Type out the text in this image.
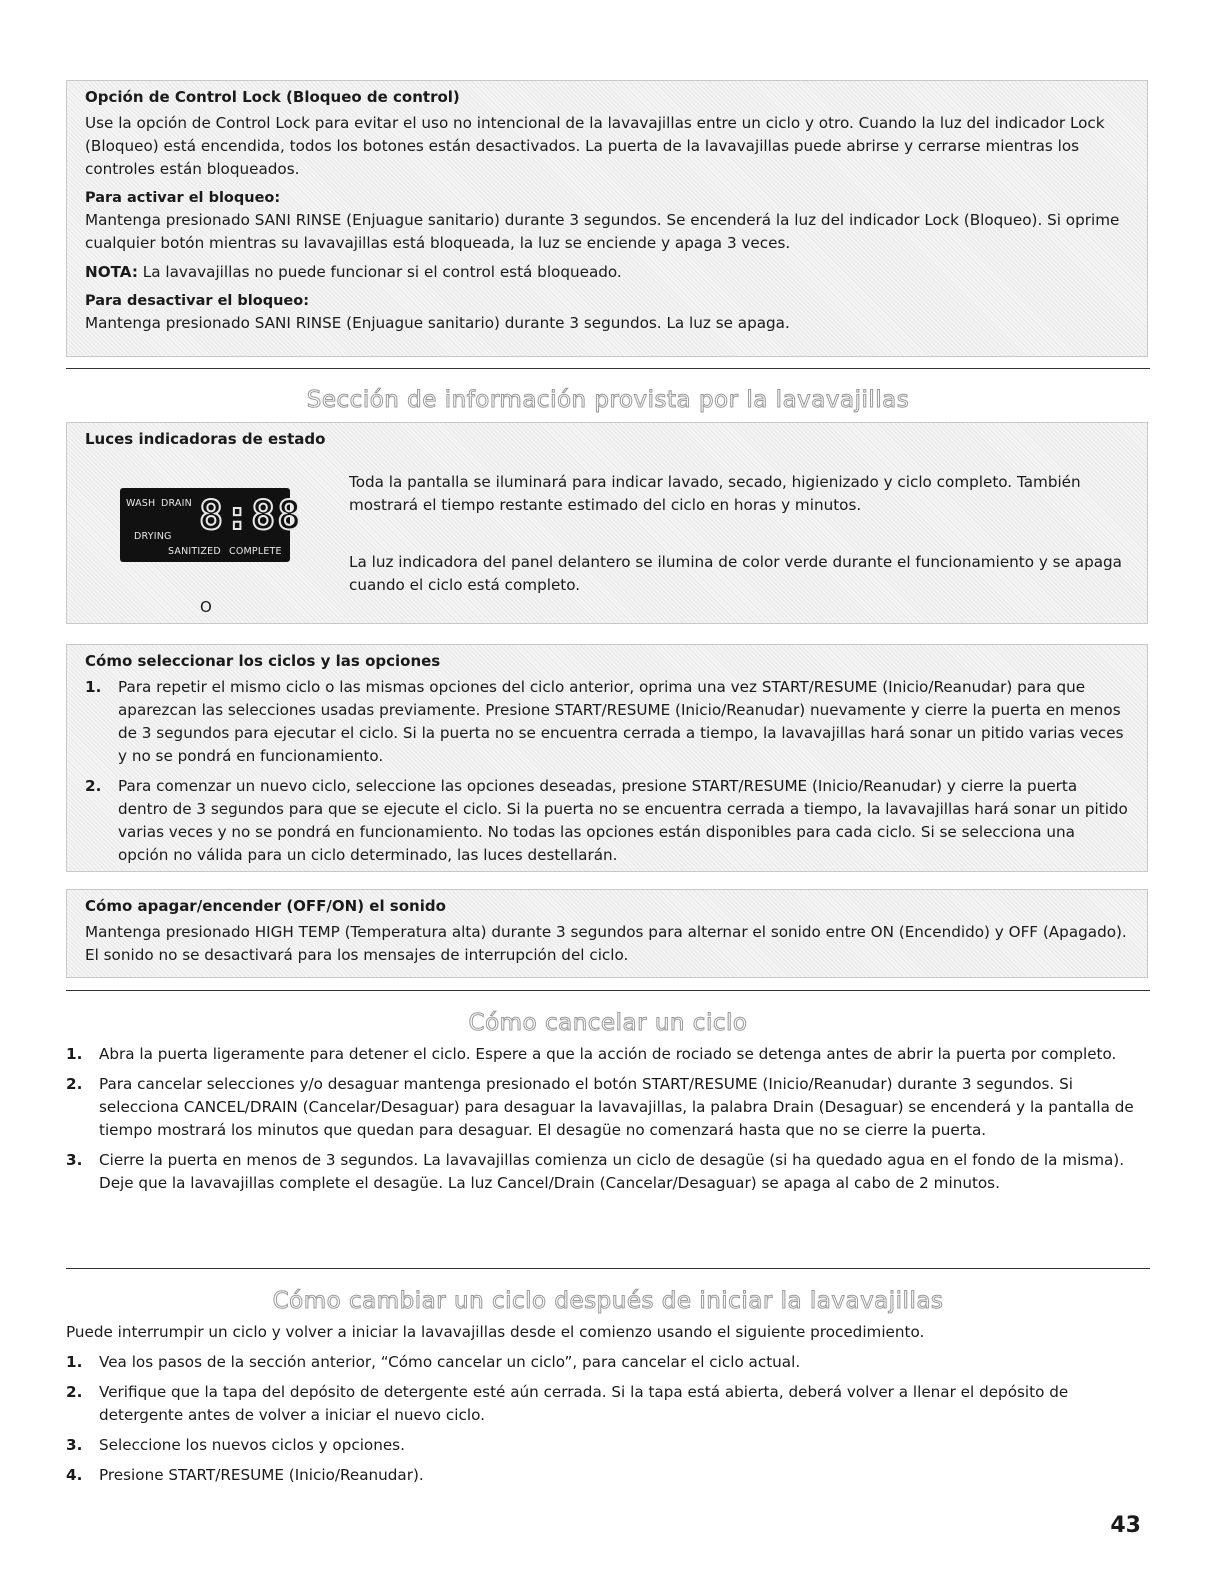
Opción de Control Lock (Bloqueo de control)

Use la opción de Control Lock para evitar el uso no intencional de la lavavajillas entre un ciclo y otro. Cuando la luz del indicador Lock (Bloqueo) está encendida, todos los botones están desactivados. La puerta de la lavavajillas puede abrirse y cerrarse mientras los controles están bloqueados.

Para activar el bloqueo:

Mantenga presionado SANI RINSE (Enjuague sanitario) durante 3 segundos. Se encenderá la luz del indicador Lock (Bloqueo). Si oprime cualquier botón mientras su lavavajillas está bloqueada, la luz se enciende y apaga 3 veces.

NOTA: La lavavajillas no puede funcionar si el control está bloqueado.

Para desactivar el bloqueo:

Mantenga presionado SANI RINSE (Enjuague sanitario) durante 3 segundos. La luz se apaga.

Sección de información provista por la lavavajillas
Luces indicadoras de estado
Toda la pantalla se iluminará para indicar lavado, secado, higienizado y ciclo completo. También mostrará el tiempo restante estimado del ciclo en horas y minutos.
La luz indicadora del panel delantero se ilumina de color verde durante el funcionamiento y se apaga cuando el ciclo está completo.
WASH DRAIN
DRYING
SANITIZED COMPLETE
8:88
O
Cómo seleccionar los ciclos y las opciones
1. Para repetir el mismo ciclo o las mismas opciones del ciclo anterior, oprima una vez START/RESUME (Inicio/Reanudar) para que aparezcan las selecciones usadas previamente. Presione START/RESUME (Inicio/Reanudar) nuevamente y cierre la puerta en menos de 3 segundos para ejecutar el ciclo. Si la puerta no se encuentra cerrada a tiempo, la lavavajillas hará sonar un pitido varias veces y no se pondrá en funcionamiento.
2. Para comenzar un nuevo ciclo, seleccione las opciones deseadas, presione START/RESUME (Inicio/Reanudar) y cierre la puerta dentro de 3 segundos para que se ejecute el ciclo. Si la puerta no se encuentra cerrada a tiempo, la lavavajillas hará sonar un pitido varias veces y no se pondrá en funcionamiento. No todas las opciones están disponibles para cada ciclo. Si se selecciona una opción no válida para un ciclo determinado, las luces destellarán.
Cómo apagar/encender (OFF/ON) el sonido

Mantenga presionado HIGH TEMP (Temperatura alta) durante 3 segundos para alternar el sonido entre ON (Encendido) y OFF (Apagado). El sonido no se desactivará para los mensajes de interrupción del ciclo.

Cómo cancelar un ciclo
1. Abra la puerta ligeramente para detener el ciclo. Espere a que la acción de rociado se detenga antes de abrir la puerta por completo.
2. Para cancelar selecciones y/o desaguar mantenga presionado el botón START/RESUME (Inicio/Reanudar) durante 3 segundos. Si selecciona CANCEL/DRAIN (Cancelar/Desaguar) para desaguar la lavavajillas, la palabra Drain (Desaguar) se encenderá y la pantalla de tiempo mostrará los minutos que quedan para desaguar. El desagüe no comenzará hasta que no se cierre la puerta.
3. Cierre la puerta en menos de 3 segundos. La lavavajillas comienza un ciclo de desagüe (si ha quedado agua en el fondo de la misma). Deje que la lavavajillas complete el desagüe. La luz Cancel/Drain (Cancelar/Desaguar) se apaga al cabo de 2 minutos.
Cómo cambiar un ciclo después de iniciar la lavavajillas

Puede interrumpir un ciclo y volver a iniciar la lavavajillas desde el comienzo usando el siguiente procedimiento.

1. Vea los pasos de la sección anterior, “Cómo cancelar un ciclo”, para cancelar el ciclo actual.
2. Verifique que la tapa del depósito de detergente esté aún cerrada. Si la tapa está abierta, deberá volver a llenar el depósito de detergente antes de volver a iniciar el nuevo ciclo.
3. Seleccione los nuevos ciclos y opciones.
4. Presione START/RESUME (Inicio/Reanudar).
43
